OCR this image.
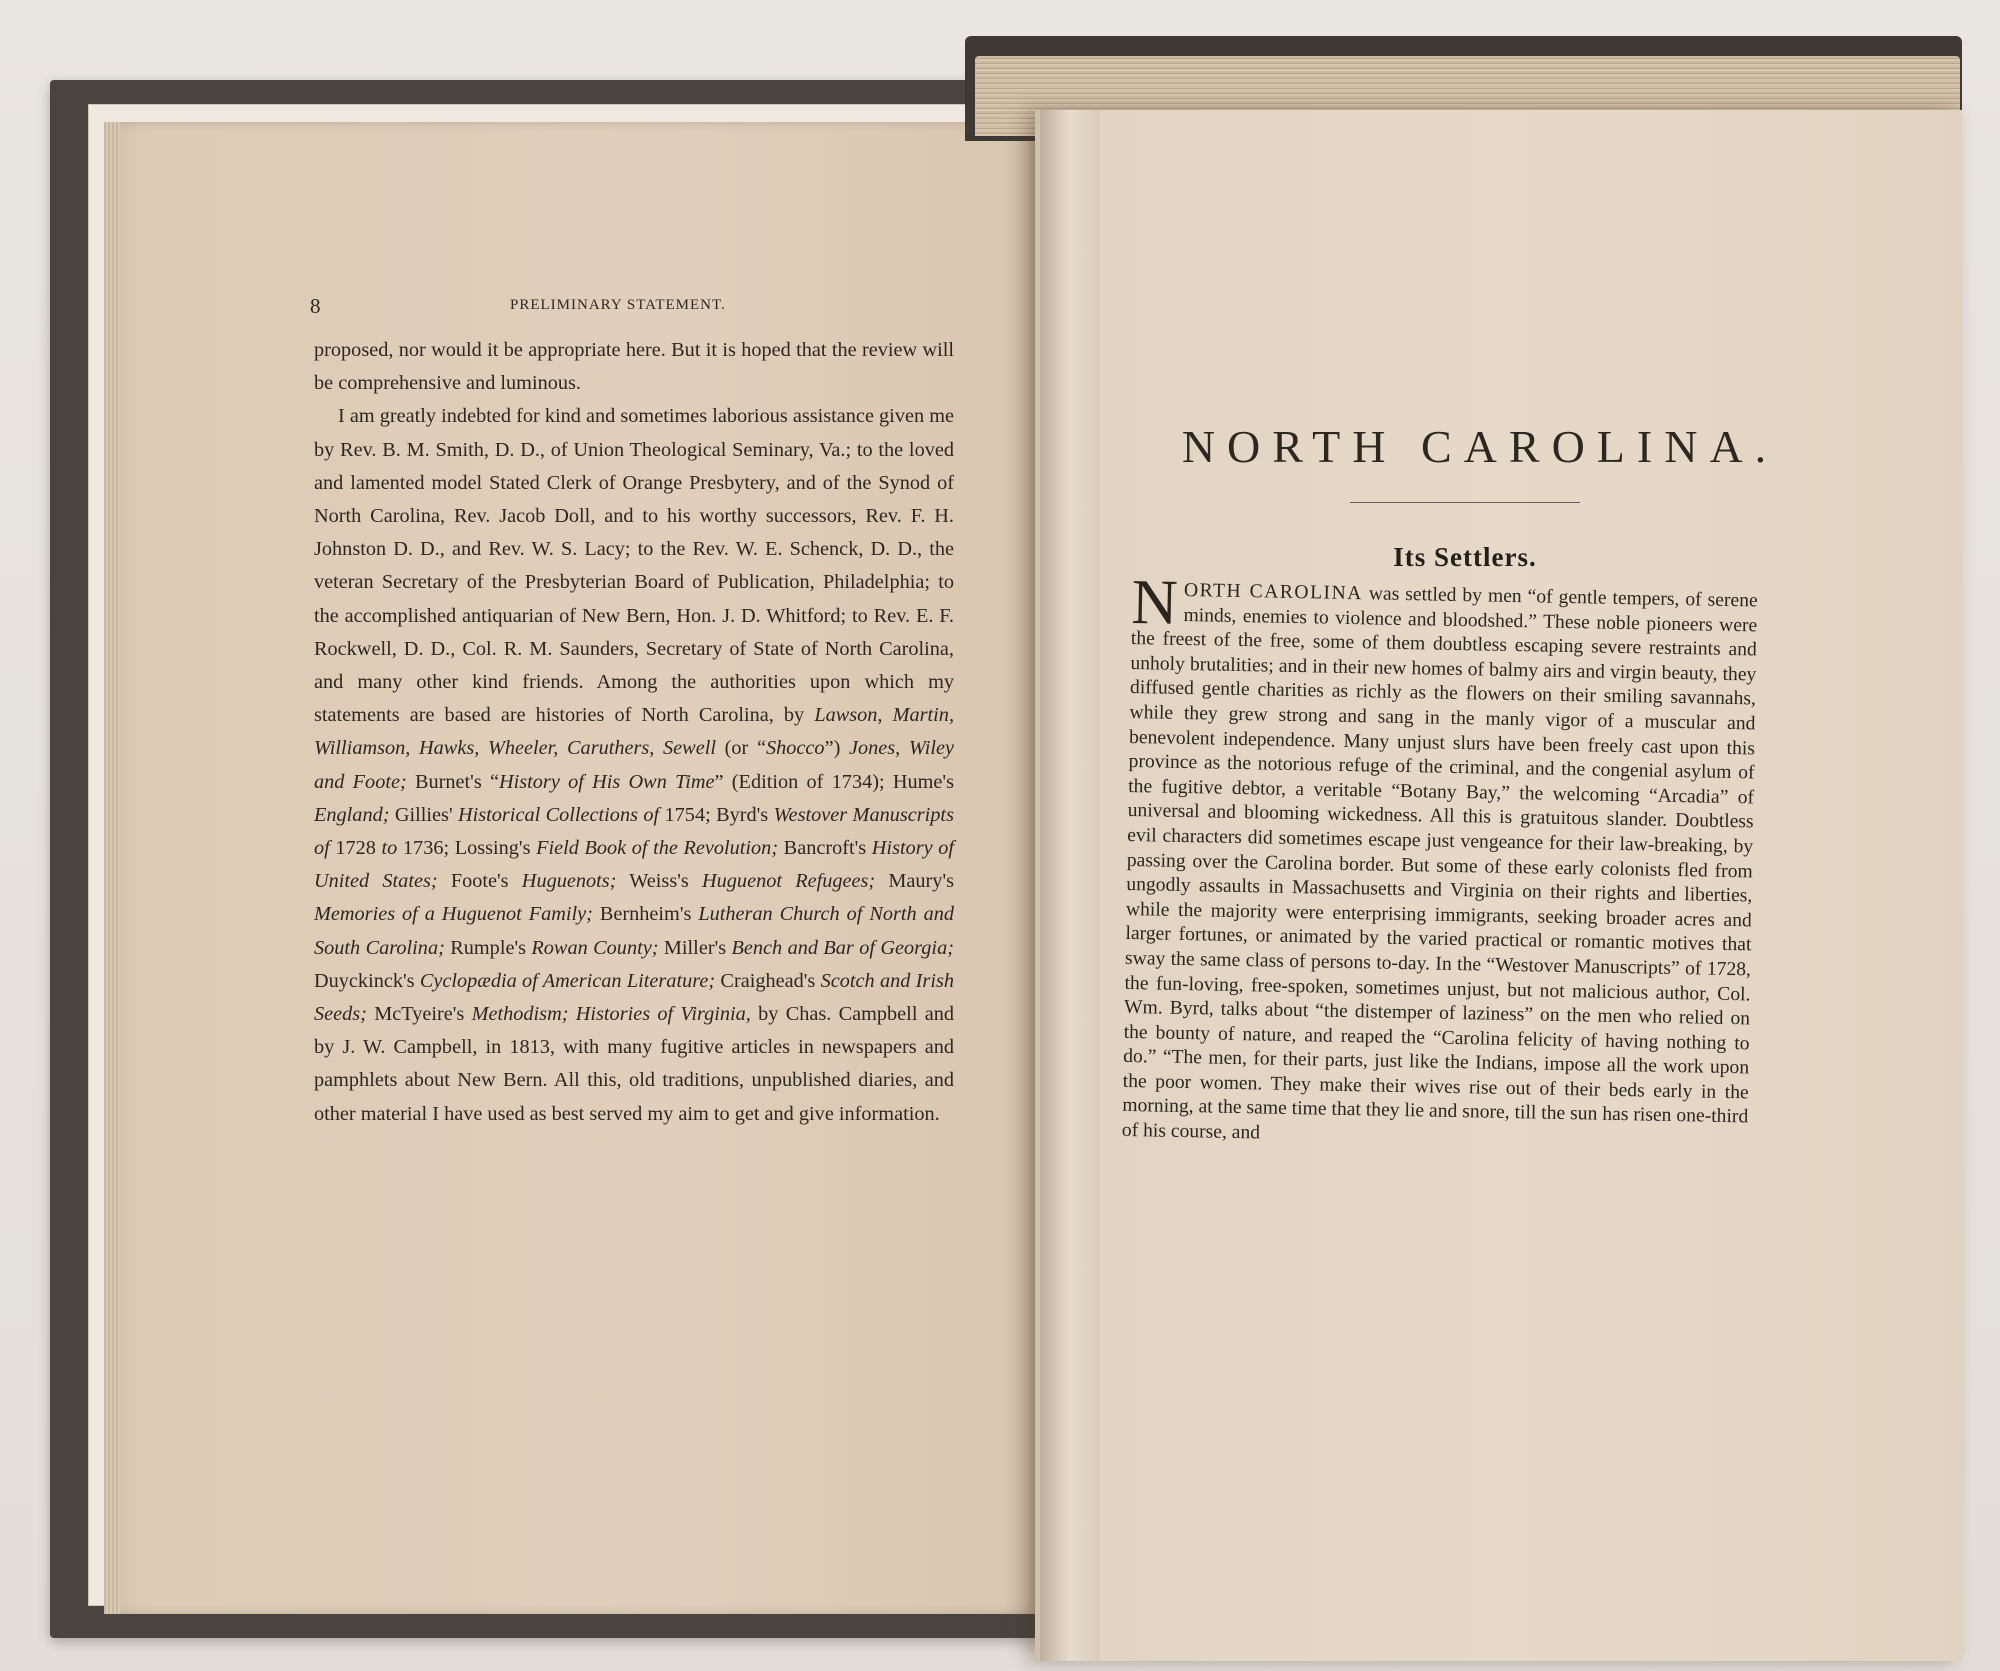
8	PRELIMINARY STATEMENT.

proposed, nor would it be appropriate here. But it is hoped that the review will be comprehensive and luminous.

I am greatly indebted for kind and sometimes laborious assistance given me by Rev. B. M. Smith, D. D., of Union Theological Seminary, Va.; to the loved and lamented model Stated Clerk of Orange Presbytery, and of the Synod of North Carolina, Rev. Jacob Doll, and to his worthy successors, Rev. F. H. Johnston D. D., and Rev. W. S. Lacy; to the Rev. W. E. Schenck, D. D., the veteran Secretary of the Presbyterian Board of Publication, Philadelphia; to the accomplished antiquarian of New Bern, Hon. J. D. Whitford; to Rev. E. F. Rockwell, D. D., Col. R. M. Saunders, Secretary of State of North Carolina, and many other kind friends. Among the authorities upon which my statements are based are histories of North Carolina, by Lawson, Martin, Williamson, Hawks, Wheeler, Caruthers, Sewell (or “Shocco”) Jones, Wiley and Foote; Burnet's “History of His Own Time” (Edition of 1734); Hume's England; Gillies' Historical Collections of 1754; Byrd's Westover Manuscripts of 1728 to 1736; Lossing's Field Book of the Revolution; Bancroft's History of United States; Foote's Huguenots; Weiss's Huguenot Refugees; Maury's Memories of a Huguenot Family; Bernheim's Lutheran Church of North and South Carolina; Rumple's Rowan County; Miller's Bench and Bar of Georgia; Duyckinck's Cyclopædia of American Literature; Craighead's Scotch and Irish Seeds; McTyeire's Methodism; Histories of Virginia, by Chas. Campbell and by J. W. Campbell, in 1813, with many fugitive articles in newspapers and pamphlets about New Bern. All this, old traditions, unpublished diaries, and other material I have used as best served my aim to get and give information.

NORTH CAROLINA.
Its Settlers.

NORTH CAROLINA was settled by men “of gentle tempers, of serene minds, enemies to violence and bloodshed.” These noble pioneers were the freest of the free, some of them doubtless escaping severe restraints and unholy brutalities; and in their new homes of balmy airs and virgin beauty, they diffused gentle charities as richly as the flowers on their smiling savannahs, while they grew strong and sang in the manly vigor of a muscular and benevolent independence. Many unjust slurs have been freely cast upon this province as the notorious refuge of the criminal, and the congenial asylum of the fugitive debtor, a veritable “Botany Bay,” the welcoming “Arcadia” of universal and blooming wickedness. All this is gratuitous slander. Doubtless evil characters did sometimes escape just vengeance for their law-breaking, by passing over the Carolina border. But some of these early colonists fled from ungodly assaults in Massachusetts and Virginia on their rights and liberties, while the majority were enterprising immigrants, seeking broader acres and larger fortunes, or animated by the varied practical or romantic motives that sway the same class of persons to-day. In the “Westover Manuscripts” of 1728, the fun-loving, free-spoken, sometimes unjust, but not malicious author, Col. Wm. Byrd, talks about “the distemper of laziness” on the men who relied on the bounty of nature, and reaped the “Carolina felicity of having nothing to do.” “The men, for their parts, just like the Indians, impose all the work upon the poor women. They make their wives rise out of their beds early in the morning, at the same time that they lie and snore, till the sun has risen one-third of his course, and
